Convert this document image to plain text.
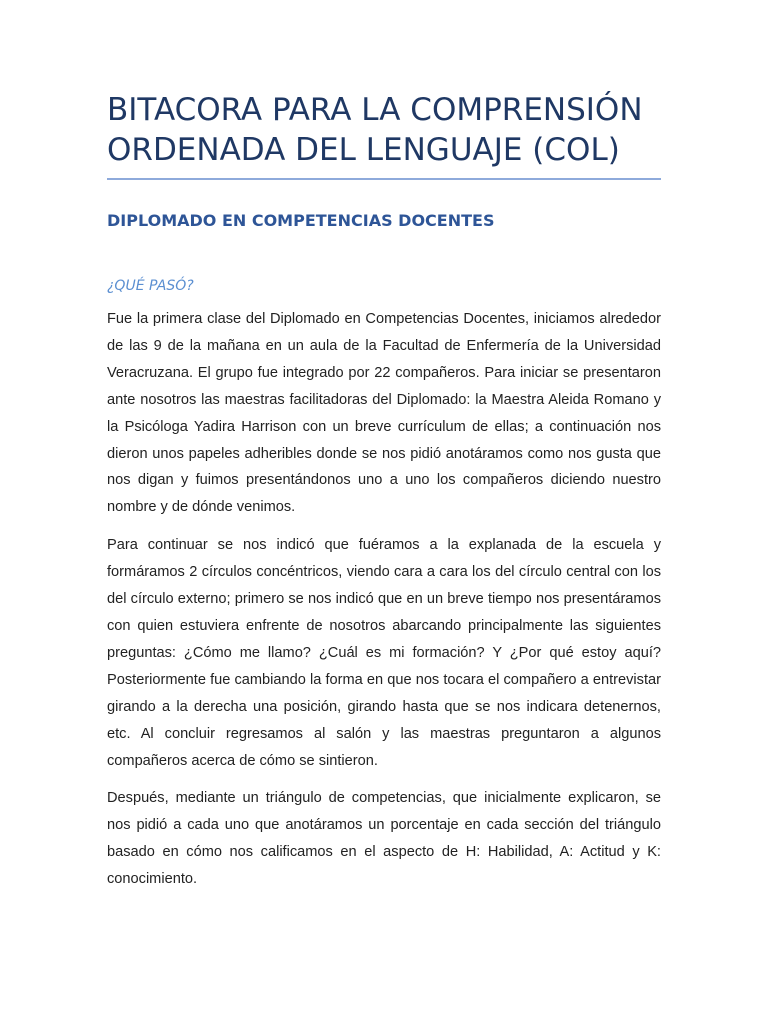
BITACORA PARA LA COMPRENSIÓN ORDENADA DEL LENGUAJE (COL)
DIPLOMADO EN COMPETENCIAS DOCENTES
¿QUÉ PASÓ?

Fue la primera clase del Diplomado en Competencias Docentes, iniciamos alrededor de las 9 de la mañana en un aula de la Facultad de Enfermería de la Universidad Veracruzana. El grupo fue integrado por 22 compañeros. Para iniciar se presentaron ante nosotros las maestras facilitadoras del Diplomado: la Maestra Aleida Romano y la Psicóloga Yadira Harrison con un breve currículum de ellas; a continuación nos dieron unos papeles adheribles donde se nos pidió anotáramos como nos gusta que nos digan y fuimos presentándonos uno a uno los compañeros diciendo nuestro nombre y de dónde venimos.

Para continuar se nos indicó que fuéramos a la explanada de la escuela y formáramos 2 círculos concéntricos, viendo cara a cara los del círculo central con los del círculo externo; primero se nos indicó que en un breve tiempo nos presentáramos con quien estuviera enfrente de nosotros abarcando principalmente las siguientes preguntas: ¿Cómo me llamo? ¿Cuál es mi formación? Y ¿Por qué estoy aquí? Posteriormente fue cambiando la forma en que nos tocara el compañero a entrevistar girando a la derecha una posición, girando hasta que se nos indicara detenernos, etc. Al concluir regresamos al salón y las maestras preguntaron a algunos compañeros acerca de cómo se sintieron.

Después, mediante un triángulo de competencias, que inicialmente explicaron, se nos pidió a cada uno que anotáramos un porcentaje en cada sección del triángulo basado en cómo nos calificamos en el aspecto de H: Habilidad, A: Actitud y K: conocimiento.
